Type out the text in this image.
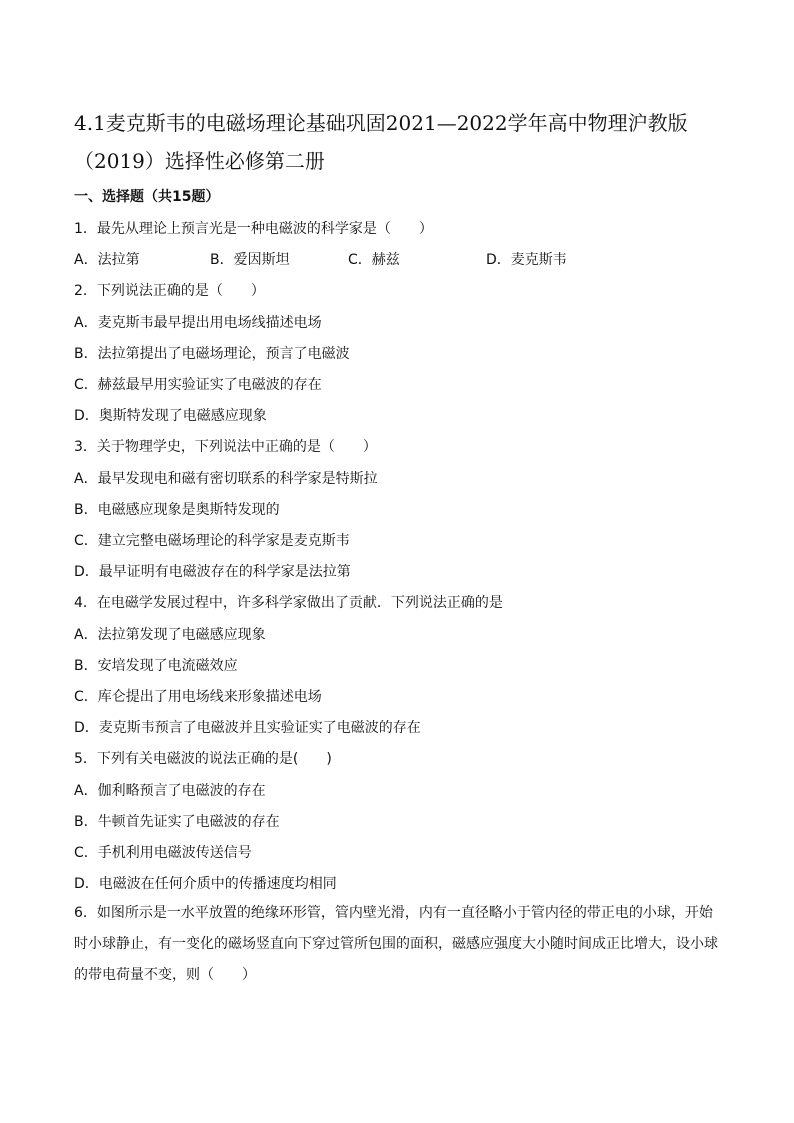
4.1麦克斯韦的电磁场理论基础巩固2021—2022学年高中物理沪教版（2019）选择性必修第二册
一、选择题（共15题）
1．最先从理论上预言光是一种电磁波的科学家是（　　）
A．法拉第	B．爱因斯坦	C．赫兹	D．麦克斯韦
2．下列说法正确的是（　　）
A．麦克斯韦最早提出用电场线描述电场
B．法拉第提出了电磁场理论，预言了电磁波
C．赫兹最早用实验证实了电磁波的存在
D．奥斯特发现了电磁感应现象
3．关于物理学史，下列说法中正确的是（　　）
A．最早发现电和磁有密切联系的科学家是特斯拉
B．电磁感应现象是奥斯特发现的
C．建立完整电磁场理论的科学家是麦克斯韦
D．最早证明有电磁波存在的科学家是法拉第
4．在电磁学发展过程中，许多科学家做出了贡献．下列说法正确的是
A．法拉第发现了电磁感应现象
B．安培发现了电流磁效应
C．库仑提出了用电场线来形象描述电场
D．麦克斯韦预言了电磁波并且实验证实了电磁波的存在
5．下列有关电磁波的说法正确的是(　　)
A．伽利略预言了电磁波的存在
B．牛顿首先证实了电磁波的存在
C．手机利用电磁波传送信号
D．电磁波在任何介质中的传播速度均相同
6．如图所示是一水平放置的绝缘环形管，管内壁光滑，内有一直径略小于管内径的带正电的小球，开始时小球静止，有一变化的磁场竖直向下穿过管所包围的面积，磁感应强度大小随时间成正比增大，设小球的带电荷量不变，则（　　）
